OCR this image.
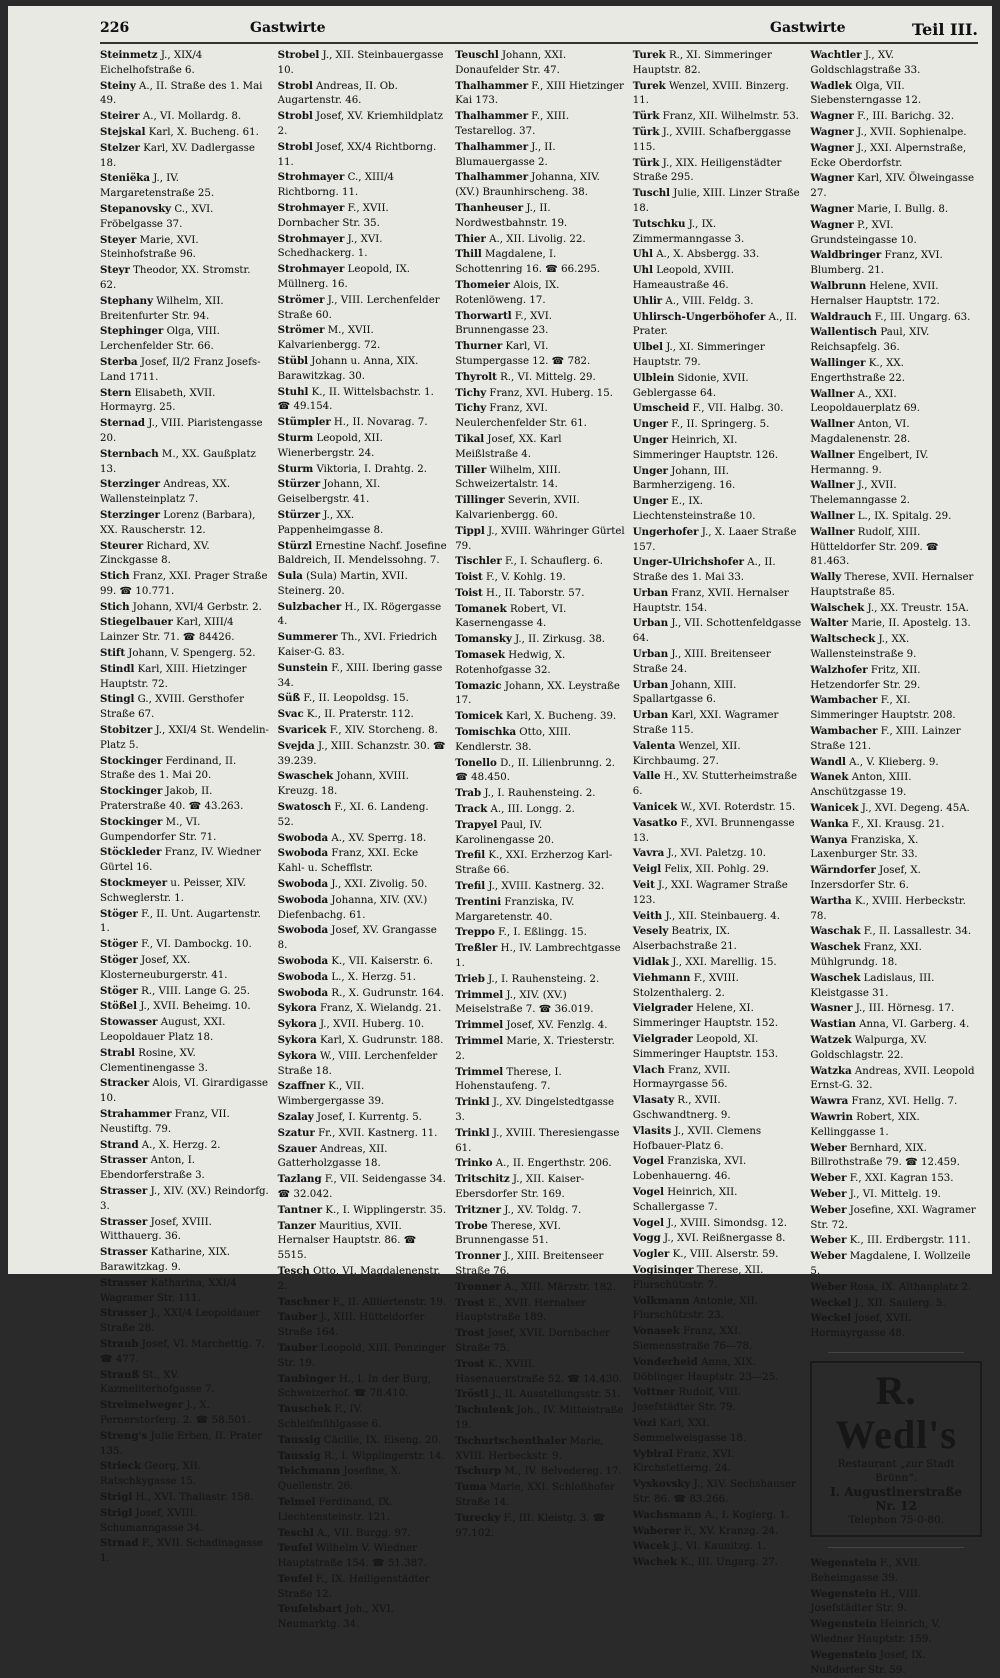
226	Gastwirte	Gastwirte	Teil III.
Steinmetz J., XIX/4 Eichelhofstraße 6.
Steiny A., II. Straße des 1. Mai 49.
Steirer A., VI. Mollardg. 8.
Stejskal Karl, X. Bucheng. 61.
Stelzer Karl, XV. Dadlergasse 18.
Steniëka J., IV. Margaretenstraße 25.
Stepanovsky C., XVI. Fröbelgasse 37.
Steyer Marie, XVI. Steinhofstraße 96.
Steyr Theodor, XX. Stromstr. 62.
Stephany Wilhelm, XII. Breitenfurter Str. 94.
Stephinger Olga, VIII. Lerchenfelder Str. 66.
Sterba Josef, II/2 Franz Josefs-Land 1711.
Stern Elisabeth, XVII. Hormayrg. 25.
Sternad J., VIII. Piaristengasse 20.
Sternbach M., XX. Gaußplatz 13.
Sterzinger Andreas, XX. Wallensteinplatz 7.
Sterzinger Lorenz (Barbara), XX. Rauscherstr. 12.
Steurer Richard, XV. Zinckgasse 8.
Stich Franz, XXI. Prager Straße 99. ☎ 10.771.
Stich Johann, XVI/4 Gerbstr. 2.
Stiegelbauer Karl, XIII/4 Lainzer Str. 71. ☎ 84426.
Stift Johann, V. Spengerg. 52.
Stindl Karl, XIII. Hietzinger Hauptstr. 72.
Stingl G., XVIII. Gersthofer Straße 67.
Stobitzer J., XXI/4 St. Wendelin-Platz 5.
Stockinger Ferdinand, II. Straße des 1. Mai 20.
Stockinger Jakob, II. Praterstraße 40. ☎ 43.263.
Stockinger M., VI. Gumpendorfer Str. 71.
Stöckleder Franz, IV. Wiedner Gürtel 16.
Stockmeyer u. Peisser, XIV. Schweglerstr. 1.
Stöger F., II. Unt. Augartenstr. 1.
Stöger F., VI. Dambockg. 10.
Stöger Josef, XX. Klosterneuburgerstr. 41.
Stöger R., VIII. Lange G. 25.
Stößel J., XVII. Beheimg. 10.
Stowasser August, XXI. Leopoldauer Platz 18.
Strabl Rosine, XV. Clementinengasse 3.
Stracker Alois, VI. Girardigasse 10.
Strahammer Franz, VII. Neustiftg. 79.
Strand A., X. Herzg. 2.
Strasser Anton, I. Ebendorferstraße 3.
Strasser J., XIV. (XV.) Reindorfg. 3.
Strasser Josef, XVIII. Witthauerg. 36.
Strasser Katharine, XIX. Barawitzkag. 9.
Strasser Katharina, XXI/4 Wagramer Str. 111.
Strasser J., XXI/4 Leopoldauer Straße 28.
Straub Josef, VI. Marchettig. 7. ☎ 477.
Strauß St., XV. Kazmeliterhofgasse 7.
Streimelweger J., X. Pernerstorferg. 2. ☎ 58.501.
Streng's Julie Erben, II. Prater 135.
Strieck Georg, XII. Ratschkygasse 15.
Strigl H., XVI. Thaliastr. 158.
Strigl Josef, XVIII. Schumanngasse 34.
Strnad F., XVII. Schadinagasse 1.
Strobel J., XII. Steinbauergasse 10.
Strobl Andreas, II. Ob. Augartenstr. 46.
Strobl Josef, XV. Kriemhildplatz 2.
Strobl Josef, XX/4 Richtborng. 11.
Strohmayer C., XIII/4 Richtborng. 11.
Strohmayer F., XVII. Dornbacher Str. 35.
Strohmayer J., XVI. Schedhackerg. 1.
Strohmayer Leopold, IX. Müllnerg. 16.
Strömer J., VIII. Lerchenfelder Straße 60.
Strömer M., XVII. Kalvarienbergg. 72.
Stübl Johann u. Anna, XIX. Barawitzkag. 30.
Stuhl K., II. Wittelsbachstr. 1. ☎ 49.154.
Stümpler H., II. Novarag. 7.
Sturm Leopold, XII. Wienerbergstr. 24.
Sturm Viktoria, I. Drahtg. 2.
Stürzer Johann, XI. Geiselbergstr. 41.
Stürzer J., XX. Pappenheimgasse 8.
Stürzl Ernestine Nachf. Josefine Baldreich, II. Mendelssohng. 7.
Sula (Sula) Martin, XVII. Steinerg. 20.
Sulzbacher H., IX. Rögergasse 4.
Summerer Th., XVI. Friedrich Kaiser-G. 83.
Sunstein F., XIII. Ibering gasse 34.
Süß F., II. Leopoldsg. 15.
Svac K., II. Praterstr. 112.
Svaricek F., XIV. Storcheng. 8.
Svejda J., XIII. Schanzstr. 30. ☎ 39.239.
Swaschek Johann, XVIII. Kreuzg. 18.
Swatosch F., XI. 6. Landeng. 52.
Swoboda A., XV. Sperrg. 18.
Swoboda Franz, XXI. Ecke Kahl- u. Schefflstr.
Swoboda J., XXI. Zivolig. 50.
Swoboda Johanna, XIV. (XV.) Diefenbachg. 61.
Swoboda Josef, XV. Grangasse 8.
Swoboda K., VII. Kaiserstr. 6.
Swoboda L., X. Herzg. 51.
Swoboda R., X. Gudrunstr. 164.
Sykora Franz, X. Wielandg. 21.
Sykora J., XVII. Huberg. 10.
Sykora Karl, X. Gudrunstr. 188.
Sykora W., VIII. Lerchenfelder Straße 18.
Szaffner K., VII. Wimbergergasse 39.
Szalay Josef, I. Kurrentg. 5.
Szatur Fr., XVII. Kastnerg. 11.
Szauer Andreas, XII. Gatterholzgasse 18.
Tazlang F., VII. Seidengasse 34. ☎ 32.042.
Tantner K., I. Wipplingerstr. 35.
Tanzer Mauritius, XVII. Hernalser Hauptstr. 86. ☎ 5515.
Tesch Otto, VI. Magdalenenstr. 2.
Taschner F., II. Alliiertenstr. 19.
Tauber J., XIII. Hütteldorfer Straße 164.
Tauber Leopold, XIII. Penzinger Str. 19.
Taubinger H., I. In der Burg, Schweizerhof. ☎ 78.410.
Tauschek F., IV. Schleifmühlgasse 6.
Taussig Cäcilie, IX. Eiseng. 20.
Taussig R., I. Wipplingerstr. 14.
Teichmann Josefine, X. Quellenstr. 26.
Teimel Ferdinand, IX. Liechtensteinstr. 121.
Teschl A., VII. Burgg. 97.
Teufel Wilhelm V. Wiedner Hauptstraße 154. ☎ 51.387.
Teufel F., IX. Heiligenstädter Straße 12.
Teufelsbart Joh., XVI. Neumarktg. 34.
Teuschl Johann, XXI. Donaufelder Str. 47.
Thalhammer F., XIII Hietzinger Kai 173.
Thalhammer F., XIII. Testarellog. 37.
Thalhammer J., II. Blumauergasse 2.
Thalhammer Johanna, XIV. (XV.) Braunhirscheng. 38.
Thanheuser J., II. Nordwestbahnstr. 19.
Thier A., XII. Livolig. 22.
Thill Magdalene, I. Schottenring 16. ☎ 66.295.
Thomeier Alois, IX. Rotenlöweng. 17.
Thorwartl F., XVI. Brunnengasse 23.
Thurner Karl, VI. Stumpergasse 12. ☎ 782.
Thyrolt R., VI. Mittelg. 29.
Tichy Franz, XVI. Huberg. 15.
Tichy Franz, XVI. Neulerchenfelder Str. 61.
Tikal Josef, XX. Karl Meißlstraße 4.
Tiller Wilhelm, XIII. Schweizertalstr. 14.
Tillinger Severin, XVII. Kalvarienbergg. 60.
Tippl J., XVIII. Währinger Gürtel 79.
Tischler F., I. Schauflerg. 6.
Toist F., V. Kohlg. 19.
Toist H., II. Taborstr. 57.
Tomanek Robert, VI. Kasernengasse 4.
Tomansky J., II. Zirkusg. 38.
Tomasek Hedwig, X. Rotenhofgasse 32.
Tomazic Johann, XX. Leystraße 17.
Tomicek Karl, X. Bucheng. 39.
Tomischka Otto, XIII. Kendlerstr. 38.
Tonello D., II. Lilienbrunng. 2. ☎ 48.450.
Trab J., I. Rauhensteing. 2.
Track A., III. Longg. 2.
Trapyel Paul, IV. Karolinengasse 20.
Trefil K., XXI. Erzherzog Karl-Straße 66.
Trefil J., XVIII. Kastnerg. 32.
Trentini Franziska, IV. Margaretenstr. 40.
Treppo F., I. Eßlingg. 15.
Treßler H., IV. Lambrechtgasse 1.
Trieb J., I. Rauhensteing. 2.
Trimmel J., XIV. (XV.) Meiselstraße 7. ☎ 36.019.
Trimmel Josef, XV. Fenzlg. 4.
Trimmel Marie, X. Triesterstr. 2.
Trimmel Therese, I. Hohenstaufeng. 7.
Trinkl J., XV. Dingelstedtgasse 3.
Trinkl J., XVIII. Theresiengasse 61.
Trinko A., II. Engerthstr. 206.
Tritschitz J., XII. Kaiser-Ebersdorfer Str. 169.
Tritzner J., XV. Toldg. 7.
Trobe Therese, XVI. Brunnengasse 51.
Tronner J., XIII. Breitenseer Straße 76.
Tronner A., XIII. Märzstr. 182.
Trost E., XVII. Hernalser Hauptstraße 189.
Trost Josef, XVII. Dornbacher Straße 75.
Trost K., XVIII. Hasenauerstraße 52. ☎ 14.430.
Tröstl J., II. Ausstellungsstr. 51.
Tschulenk Joh., IV. Mitteistraße 19.
Tschurtschenthaler Marie, XVIII. Herbeckstr. 9.
Tschurp M., IV. Belvedereg. 17.
Tuma Marie, XXI. Schloßhofer Straße 14.
Turecky F., III. Kleistg. 3. ☎ 97.102.
Turek R., XI. Simmeringer Hauptstr. 82.
Turek Wenzel, XVIII. Binzerg. 11.
Türk Franz, XII. Wilhelmstr. 53.
Türk J., XVIII. Schafberggasse 115.
Türk J., XIX. Heiligenstädter Straße 295.
Tuschl Julie, XIII. Linzer Straße 18.
Tutschku J., IX. Zimmermanngasse 3.
Uhl A., X. Absbergg. 33.
Uhl Leopold, XVIII. Hameaustraße 46.
Uhlir A., VIII. Feldg. 3.
Uhlirsch-Ungerböhofer A., II. Prater.
Ulbel J., XI. Simmeringer Hauptstr. 79.
Ulblein Sidonie, XVII. Geblergasse 64.
Umscheid F., VII. Halbg. 30.
Unger F., II. Springerg. 5.
Unger Heinrich, XI. Simmeringer Hauptstr. 126.
Unger Johann, III. Barmherzigeng. 16.
Unger E., IX. Liechtensteinstraße 10.
Ungerhofer J., X. Laaer Straße 157.
Unger-Ulrichshofer A., II. Straße des 1. Mai 33.
Urban Franz, XVII. Hernalser Hauptstr. 154.
Urban J., VII. Schottenfeldgasse 64.
Urban J., XIII. Breitenseer Straße 24.
Urban Johann, XIII. Spallartgasse 6.
Urban Karl, XXI. Wagramer Straße 115.
Valenta Wenzel, XII. Kirchbaumg. 27.
Valle H., XV. Stutterheimstraße 6.
Vanicek W., XVI. Roterdstr. 15.
Vasatko F., XVI. Brunnengasse 13.
Vavra J., XVI. Paletzg. 10.
Veigl Felix, XII. Pohlg. 29.
Veit J., XXI. Wagramer Straße 123.
Veith J., XII. Steinbauerg. 4.
Vesely Beatrix, IX. Alserbachstraße 21.
Vidlak J., XXI. Marellig. 15.
Viehmann F., XVIII. Stolzenthalerg. 2.
Vielgrader Helene, XI. Simmeringer Hauptstr. 152.
Vielgrader Leopold, XI. Simmeringer Hauptstr. 153.
Vlach Franz, XVII. Hormayrgasse 56.
Vlasaty R., XVII. Gschwandtnerg. 9.
Vlasits J., XVII. Clemens Hofbauer-Platz 6.
Vogel Franziska, XVI. Lobenhauerng. 46.
Vogel Heinrich, XII. Schallergasse 7.
Vogel J., XVIII. Simondsg. 12.
Vogg J., XVI. Reißnergasse 8.
Vogler K., VIII. Alserstr. 59.
Vogisinger Therese, XII. Flurschützstr. 7.
Volkmann Antonie, XII. Flurschützstr. 23.
Vonasek Franz, XXI. Siemensstraße 76—78.
Vonderheid Anna, XIX. Döblinger Hauptstr. 23—25.
Vottner Rudolf, VIII. Josefstädter Str. 79.
Vozi Karl, XXI. Semmelweisgasse 18.
Vybiral Franz, XVI. Kirchstetterng. 24.
Vyskovsky J., XIV. Sechshauser Str. 86. ☎ 83.266.
Wachsmann A., I. Koglerg. 1.
Waberer F., XV. Kranzg. 24.
Wacek J., VI. Kaunitzg. 1.
Wachek K., III. Ungarg. 27.
Wachtler J., XV. Goldschlagstraße 33.
Wadlek Olga, VII. Siebensterngasse 12.
Wagner F., III. Barichg. 32.
Wagner J., XVII. Sophienalpe.
Wagner J., XXI. Alpernstraße, Ecke Oberdorfstr.
Wagner Karl, XIV. Ölweingasse 27.
Wagner Marie, I. Bullg. 8.
Wagner P., XVI. Grundsteingasse 10.
Waldbringer Franz, XVI. Blumberg. 21.
Walbrunn Helene, XVII. Hernalser Hauptstr. 172.
Waldrauch F., III. Ungarg. 63.
Wallentisch Paul, XIV. Reichsapfelg. 36.
Wallinger K., XX. Engerthstraße 22.
Wallner A., XXI. Leopoldauerplatz 69.
Wallner Anton, VI. Magdalenenstr. 28.
Wallner Engelbert, IV. Hermanng. 9.
Wallner J., XVII. Thelemanngasse 2.
Wallner L., IX. Spitalg. 29.
Wallner Rudolf, XIII. Hütteldorfer Str. 209. ☎ 81.463.
Wally Therese, XVII. Hernalser Hauptstraße 85.
Walschek J., XX. Treustr. 15A.
Walter Marie, II. Apostelg. 13.
Waltscheck J., XX. Wallensteinstraße 9.
Walzhofer Fritz, XII. Hetzendorfer Str. 29.
Wambacher F., XI. Simmeringer Hauptstr. 208.
Wambacher F., XIII. Lainzer Straße 121.
Wandl A., V. Klieberg. 9.
Wanek Anton, XIII. Anschützgasse 19.
Wanicek J., XVI. Degeng. 45A.
Wanka F., XI. Krausg. 21.
Wanya Franziska, X. Laxenburger Str. 33.
Wärndorfer Josef, X. Inzersdorfer Str. 6.
Wartha K., XVIII. Herbeckstr. 78.
Waschak F., II. Lassallestr. 34.
Waschek Franz, XXI. Mühlgrundg. 18.
Waschek Ladislaus, III. Kleistgasse 31.
Wasner J., III. Hörnesg. 17.
Wastian Anna, VI. Garberg. 4.
Watzek Walpurga, XV. Goldschlagstr. 22.
Watzka Andreas, XVII. Leopold Ernst-G. 32.
Wawra Franz, XVI. Hellg. 7.
Wawrin Robert, XIX. Kellinggasse 1.
Weber Bernhard, XIX. Billrothstraße 79. ☎ 12.459.
Weber F., XXI. Kagran 153.
Weber J., VI. Mittelg. 19.
Weber Josefine, XXI. Wagramer Str. 72.
Weber K., III. Erdbergstr. 111.
Weber Magdalene, I. Wollzeile 5.
Weber Rosa, IX. Althanplatz 2.
Weckel J., XII. Saulerg. 5.
Weckel Josef, XVII. Hormayrgasse 48.
R. Wedl's
Restaurant „zur Stadt Brünn“.
I. Augustinerstraße Nr. 12
Telephon 75-0-80.
Wegenstein F., XVII. Beheimgasse 39.
Wegenstein H., VIII. Josefstädter Str. 9.
Wegenstein Heinrich, V. Wiedner Hauptstr. 159.
Wegenstein Josef, IX. Nußdorfer Str. 59.
